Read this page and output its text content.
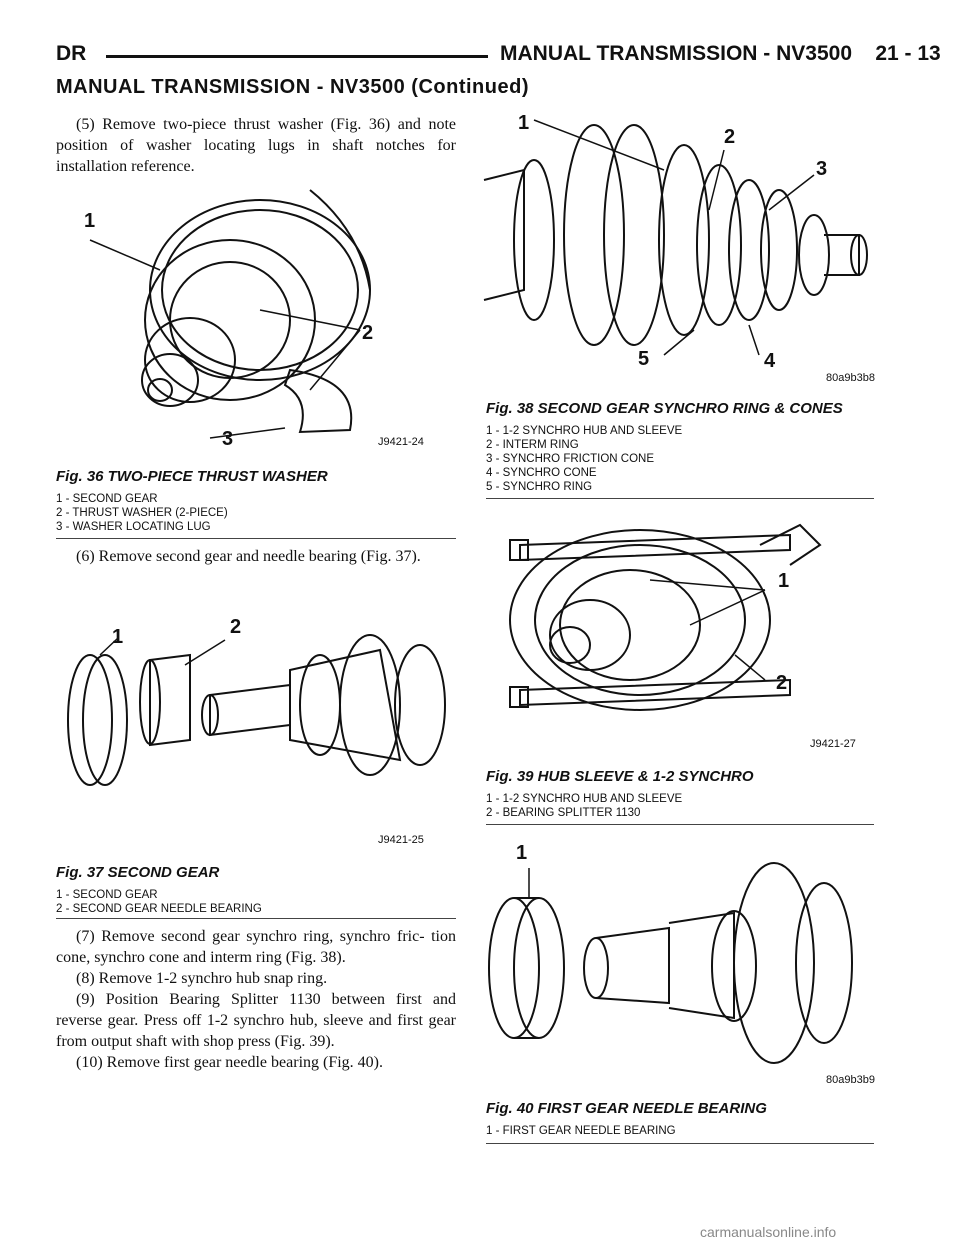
DR	MANUAL TRANSMISSION - NV3500    21 - 13
MANUAL TRANSMISSION - NV3500 (Continued)

(5) Remove two-piece thrust washer (Fig. 36) and note position of washer locating lugs in shaft notches for installation reference.

1
2
3	J9421-24
Fig. 36 TWO-PIECE THRUST WASHER
1 - SECOND GEAR
2 - THRUST WASHER (2-PIECE)
3 - WASHER LOCATING LUG

(6) Remove second gear and needle bearing (Fig. 37).

1	2
J9421-25
Fig. 37 SECOND GEAR
1 - SECOND GEAR
2 - SECOND GEAR NEEDLE BEARING

(7) Remove second gear synchro ring, synchro fric- tion cone, synchro cone and interm ring (Fig. 38).

(8) Remove 1-2 synchro hub snap ring.

(9) Position Bearing Splitter 1130 between first and reverse gear. Press off 1-2 synchro hub, sleeve and first gear from output shaft with shop press (Fig. 39).

(10) Remove first gear needle bearing (Fig. 40).

1
2
3
4
5
80a9b3b8
Fig. 38 SECOND GEAR SYNCHRO RING & CONES
1 - 1-2 SYNCHRO HUB AND SLEEVE
2 - INTERM RING
3 - SYNCHRO FRICTION CONE
4 - SYNCHRO CONE
5 - SYNCHRO RING
1
2
J9421-27
Fig. 39 HUB SLEEVE & 1-2 SYNCHRO
1 - 1-2 SYNCHRO HUB AND SLEEVE
2 - BEARING SPLITTER 1130
1
80a9b3b9
Fig. 40 FIRST GEAR NEEDLE BEARING
1 - FIRST GEAR NEEDLE BEARING
carmanualsonline.info
